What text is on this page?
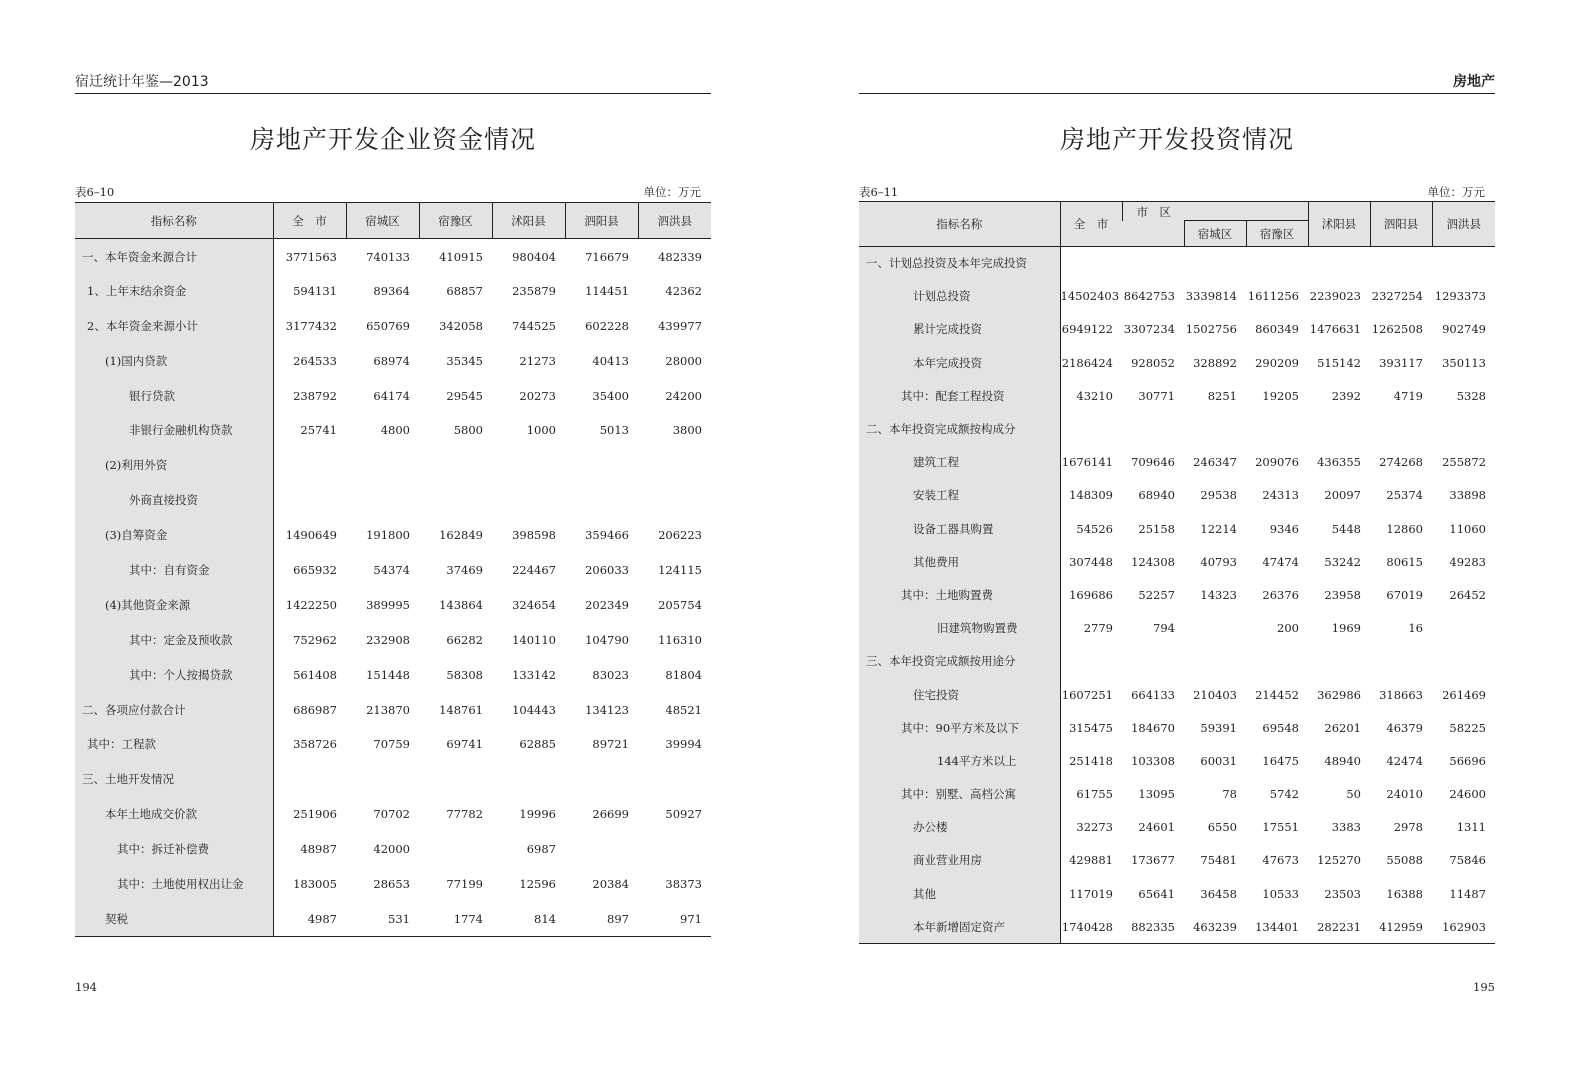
宿迁统计年鉴—2013
房地产开发企业资金情况
表6–10	单位：万元
指标名称	全　市	宿城区	宿豫区	沭阳县	泗阳县	泗洪县
一、本年资金来源合计	3771563	740133	410915	980404	716679	482339
1、上年末结余资金	594131	89364	68857	235879	114451	42362
2、本年资金来源小计	3177432	650769	342058	744525	602228	439977
(1)国内贷款	264533	68974	35345	21273	40413	28000
银行贷款	238792	64174	29545	20273	35400	24200
非银行金融机构贷款	25741	4800	5800	1000	5013	3800
(2)利用外资						
外商直接投资						
(3)自筹资金	1490649	191800	162849	398598	359466	206223
其中：自有资金	665932	54374	37469	224467	206033	124115
(4)其他资金来源	1422250	389995	143864	324654	202349	205754
其中：定金及预收款	752962	232908	66282	140110	104790	116310
其中：个人按揭贷款	561408	151448	58308	133142	83023	81804
二、各项应付款合计	686987	213870	148761	104443	134123	48521
其中：工程款	358726	70759	69741	62885	89721	39994
三、土地开发情况						
本年土地成交价款	251906	70702	77782	19996	26699	50927
其中：拆迁补偿费	48987	42000		6987		
其中：土地使用权出让金	183005	28653	77199	12596	20384	38373
契税	4987	531	1774	814	897	971
194
房地产
房地产开发投资情况
表6–11	单位：万元
指标名称	全　市	市　区			沭阳县	泗阳县	泗洪县
			宿城区	宿豫区			
一、计划总投资及本年完成投资							
计划总投资	14502403	8642753	3339814	1611256	2239023	2327254	1293373
累计完成投资	6949122	3307234	1502756	860349	1476631	1262508	902749
本年完成投资	2186424	928052	328892	290209	515142	393117	350113
其中：配套工程投资	43210	30771	8251	19205	2392	4719	5328
二、本年投资完成额按构成分							
建筑工程	1676141	709646	246347	209076	436355	274268	255872
安装工程	148309	68940	29538	24313	20097	25374	33898
设备工器具购置	54526	25158	12214	9346	5448	12860	11060
其他费用	307448	124308	40793	47474	53242	80615	49283
其中：土地购置费	169686	52257	14323	26376	23958	67019	26452
旧建筑物购置费	2779	794		200	1969	16	
三、本年投资完成额按用途分							
住宅投资	1607251	664133	210403	214452	362986	318663	261469
其中：90平方米及以下	315475	184670	59391	69548	26201	46379	58225
144平方米以上	251418	103308	60031	16475	48940	42474	56696
其中：别墅、高档公寓	61755	13095	78	5742	50	24010	24600
办公楼	32273	24601	6550	17551	3383	2978	1311
商业营业用房	429881	173677	75481	47673	125270	55088	75846
其他	117019	65641	36458	10533	23503	16388	11487
本年新增固定资产	1740428	882335	463239	134401	282231	412959	162903
195
